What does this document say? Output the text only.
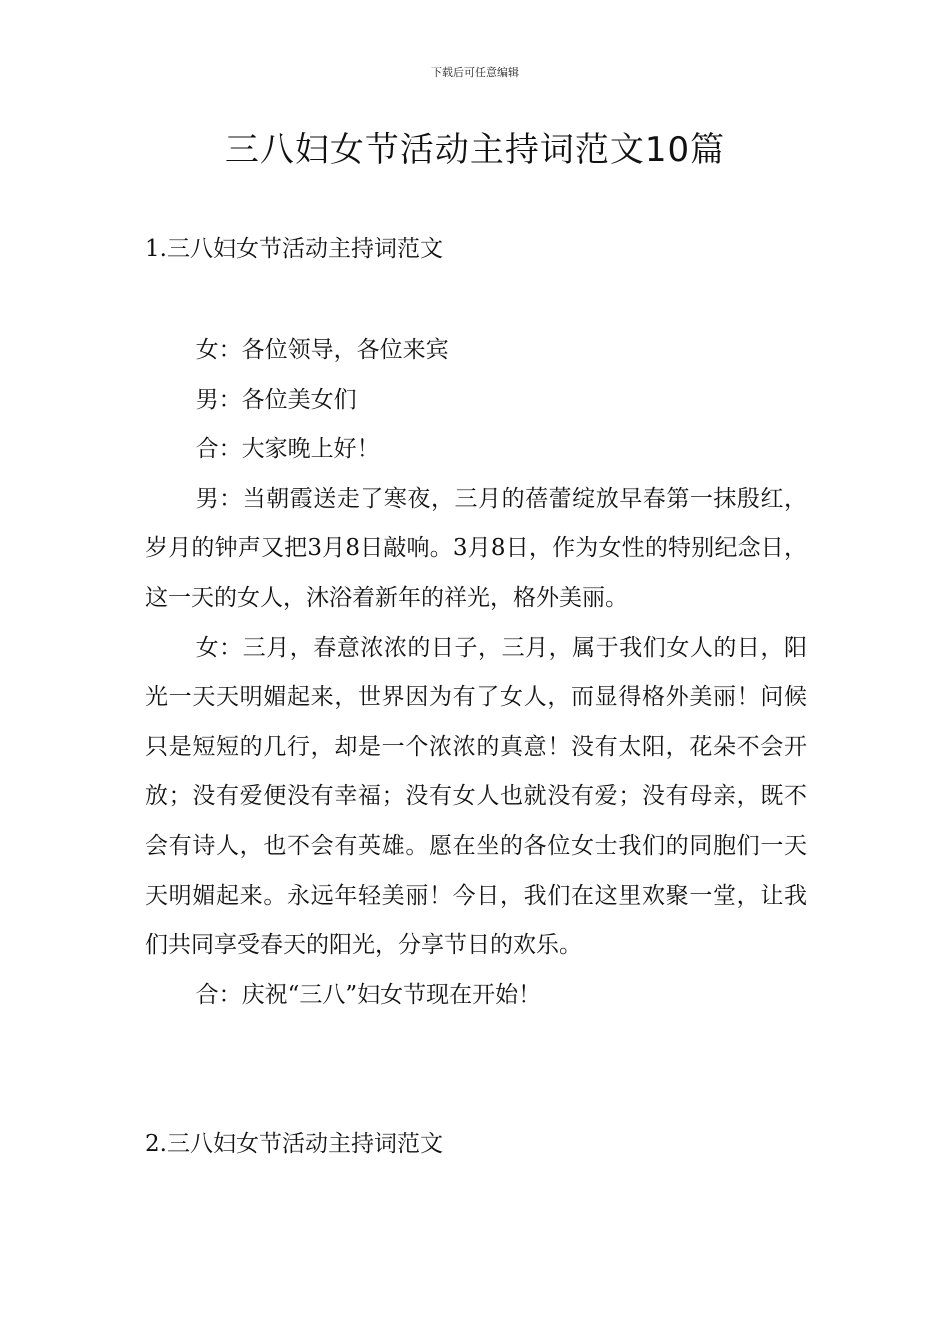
下载后可任意编辑
三八妇女节活动主持词范文10篇
1.三八妇女节活动主持词范文

女：各位领导，各位来宾

男：各位美女们

合：大家晚上好！

男：当朝霞送走了寒夜，三月的蓓蕾绽放早春第一抹殷红，岁月的钟声又把3月8日敲响。3月8日，作为女性的特别纪念日，这一天的女人，沐浴着新年的祥光，格外美丽。

女：三月，春意浓浓的日子，三月，属于我们女人的日，阳光一天天明媚起来，世界因为有了女人，而显得格外美丽！问候只是短短的几行，却是一个浓浓的真意！没有太阳，花朵不会开放；没有爱便没有幸福；没有女人也就没有爱；没有母亲，既不会有诗人，也不会有英雄。愿在坐的各位女士我们的同胞们一天天明媚起来。永远年轻美丽！今日，我们在这里欢聚一堂，让我们共同享受春天的阳光，分享节日的欢乐。

合：庆祝“三八”妇女节现在开始！

2.三八妇女节活动主持词范文
